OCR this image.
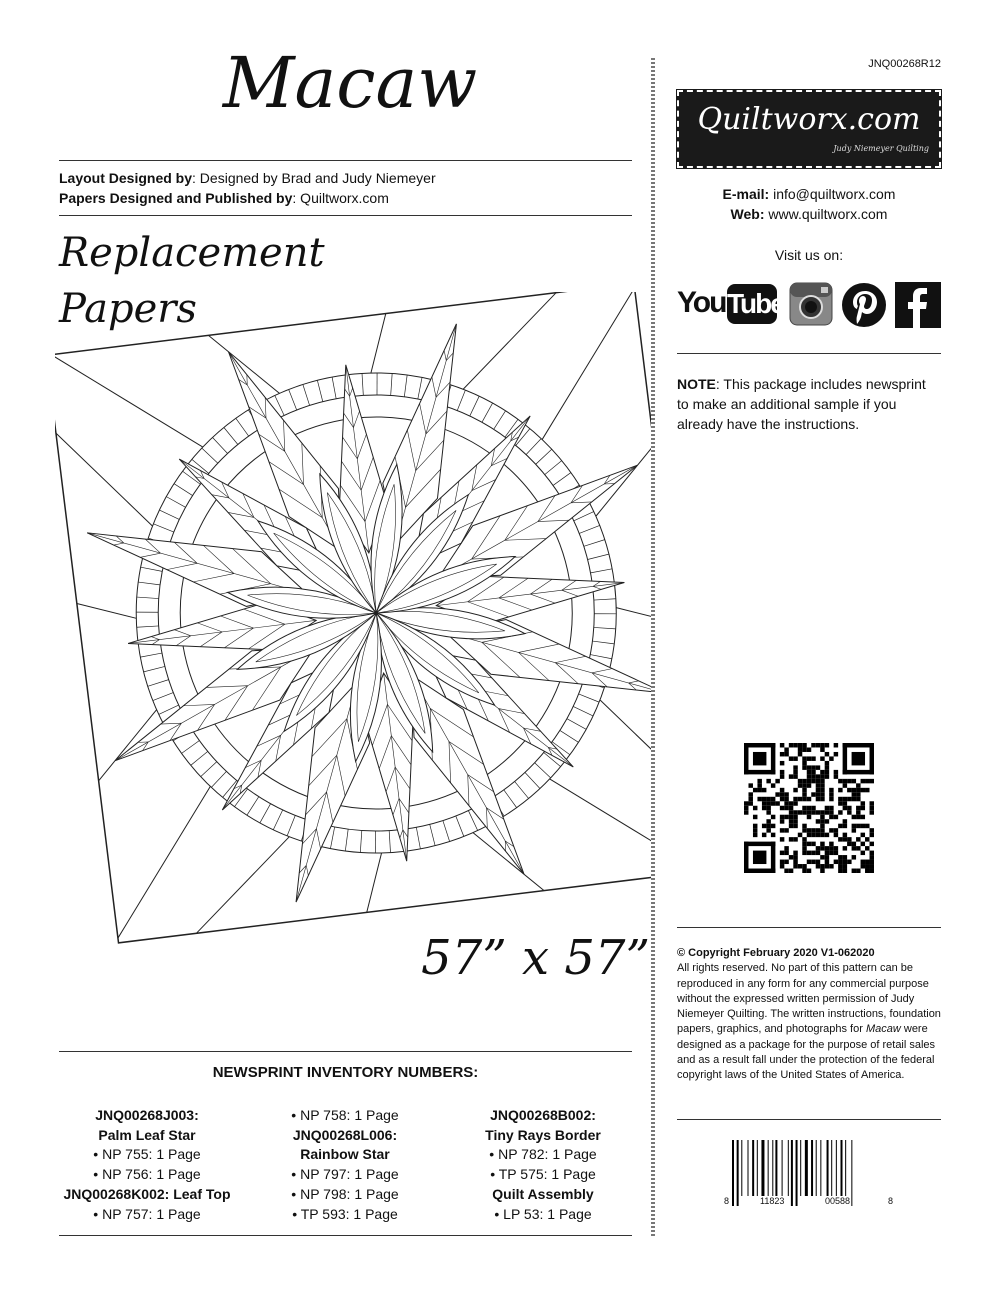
Macaw
Layout Designed by: Designed by Brad and Judy Niemeyer
Papers Designed and Published by: Quiltworx.com
Replacement Papers
57” x 57”
NEWSPRINT INVENTORY NUMBERS:
JNQ00268J003:
Palm Leaf Star
• NP 755: 1 Page
• NP 756: 1 Page
JNQ00268K002: Leaf Top
• NP 757: 1 Page
• NP 758: 1 Page
JNQ00268L006:
Rainbow Star
• NP 797: 1 Page
• NP 798: 1 Page
• TP 593: 1 Page
JNQ00268B002:
Tiny Rays Border
• NP 782: 1 Page
• TP 575: 1 Page
Quilt Assembly
• LP 53: 1 Page
JNQ00268R12
Quiltworx.com
Judy Niemeyer Quilting
E-mail: info@quiltworx.com
Web: www.quiltworx.com
Visit us on:
You Tube
NOTE: This package includes newsprint to make an additional sample if you already have the instructions.
© Copyright February 2020 V1-062020
All rights reserved. No part of this pattern can be reproduced in any form for any commercial purpose without the expressed written permission of Judy Niemeyer Quilting. The written instructions, foundation papers, graphics, and photographs for Macaw were designed as a package for the purpose of retail sales and as a result fall under the protection of the federal copyright laws of the United States of America.
8	11823	00588	8
